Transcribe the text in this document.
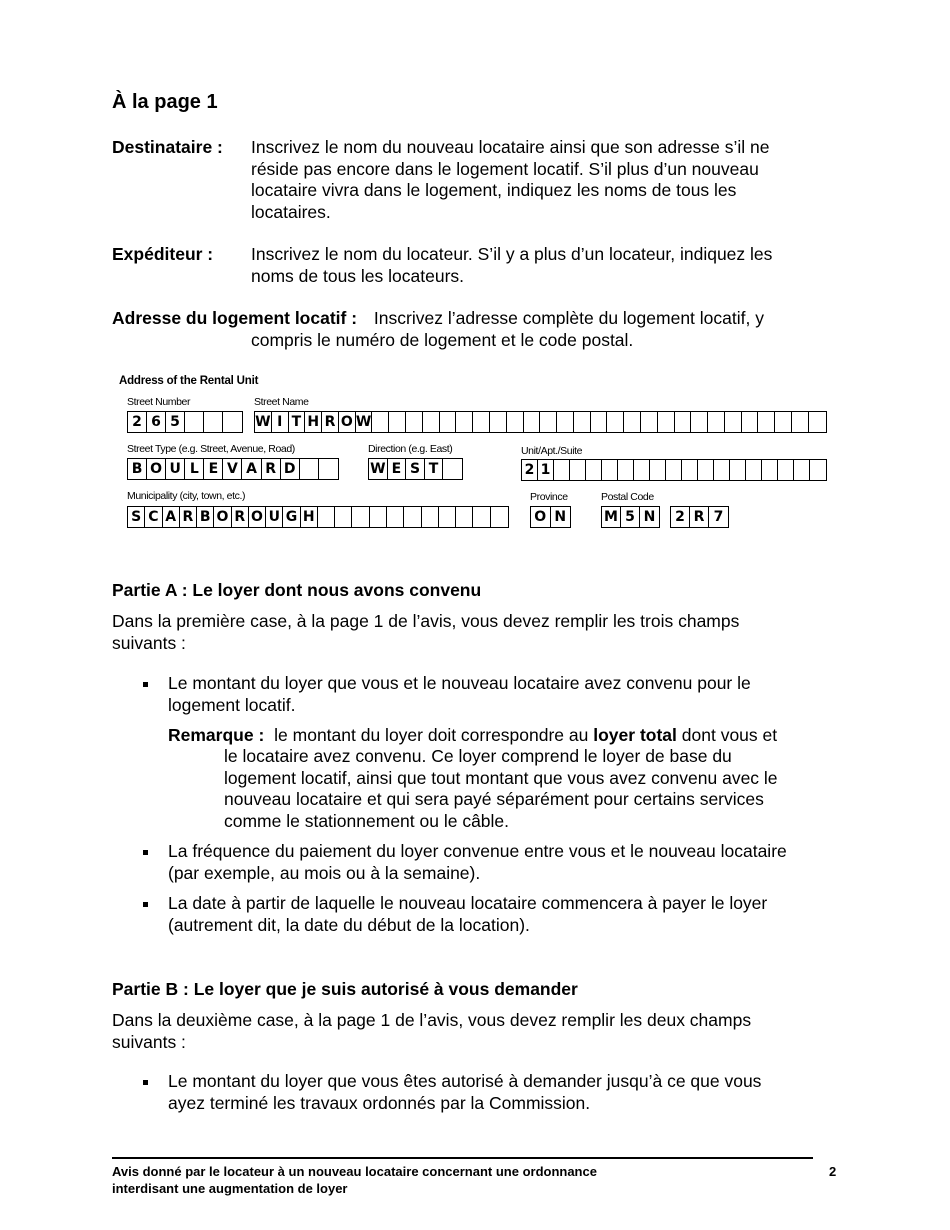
À la page 1
Destinataire : Inscrivez le nom du nouveau locataire ainsi que son adresse s’il ne
réside pas encore dans le logement locatif. S’il plus d’un nouveau
locataire vivra dans le logement, indiquez les noms de tous les
locataires.
Expéditeur : Inscrivez le nom du locateur. S’il y a plus d’un locateur, indiquez les
noms de tous les locateurs.
Adresse du logement locatif : Inscrivez l’adresse complète du logement locatif, y
compris le numéro de logement et le code postal.
Address of the Rental Unit
Street Number
2 6 5
Street Name
W I T H R O W
Street Type (e.g. Street, Avenue, Road)
B O U L E V A R D
Direction (e.g. East)
W E S T
Unit/Apt./Suite
2 1
Municipality (city, town, etc.)
S C A R B O R O U G H
Province
O N
Postal Code
M 5 N 2 R 7
Partie A : Le loyer dont nous avons convenu
Dans la première case, à la page 1 de l’avis, vous devez remplir les trois champs
suivants :
Le montant du loyer que vous et le nouveau locataire avez convenu pour le
logement locatif.
Remarque : le montant du loyer doit correspondre au loyer total dont vous et
le locataire avez convenu. Ce loyer comprend le loyer de base du
logement locatif, ainsi que tout montant que vous avez convenu avec le
nouveau locataire et qui sera payé séparément pour certains services
comme le stationnement ou le câble.
La fréquence du paiement du loyer convenue entre vous et le nouveau locataire
(par exemple, au mois ou à la semaine).
La date à partir de laquelle le nouveau locataire commencera à payer le loyer
(autrement dit, la date du début de la location).
Partie B : Le loyer que je suis autorisé à vous demander
Dans la deuxième case, à la page 1 de l’avis, vous devez remplir les deux champs
suivants :
Le montant du loyer que vous êtes autorisé à demander jusqu’à ce que vous
ayez terminé les travaux ordonnés par la Commission.
Avis donné par le locateur à un nouveau locataire concernant une ordonnance
interdisant une augmentation de loyer
2
